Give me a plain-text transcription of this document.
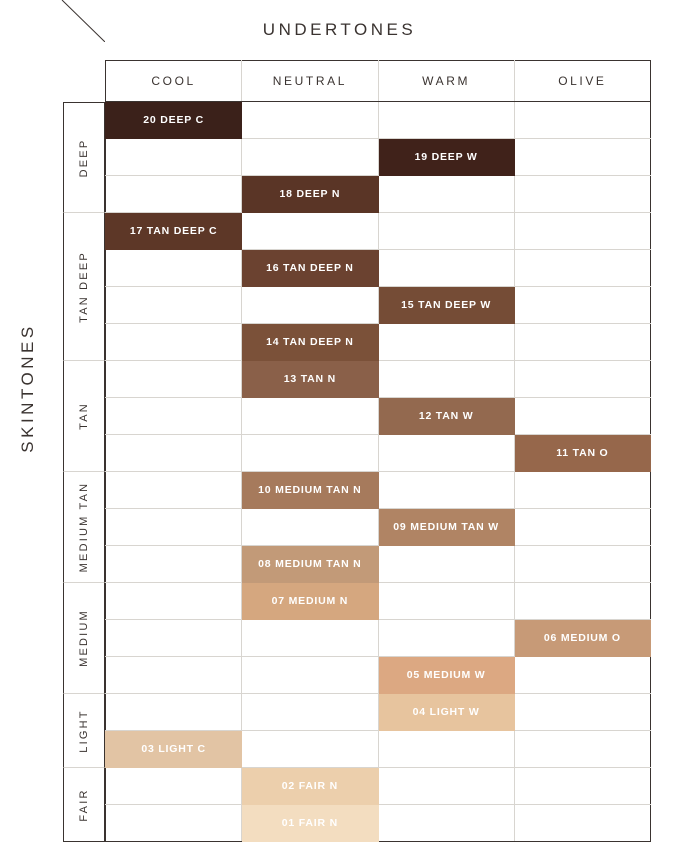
UNDERTONES
SKINTONES
DEEP
TAN DEEP
TAN
MEDIUM TAN
MEDIUM
LIGHT
FAIR
COOL	NEUTRAL	WARM	OLIVE

20 DEEP C			

		19 DEEP W	

	18 DEEP N		

17 TAN DEEP C			

	16 TAN DEEP N		

		15 TAN DEEP W	

	14 TAN DEEP N		

	13 TAN N		

		12 TAN W	

			11 TAN O

	10 MEDIUM TAN N		

		09 MEDIUM TAN W	

	08 MEDIUM TAN N		

	07 MEDIUM N		

			06 MEDIUM O

		05 MEDIUM W	

		04 LIGHT W	

03 LIGHT C			

	02 FAIR N		

	01 FAIR N		
